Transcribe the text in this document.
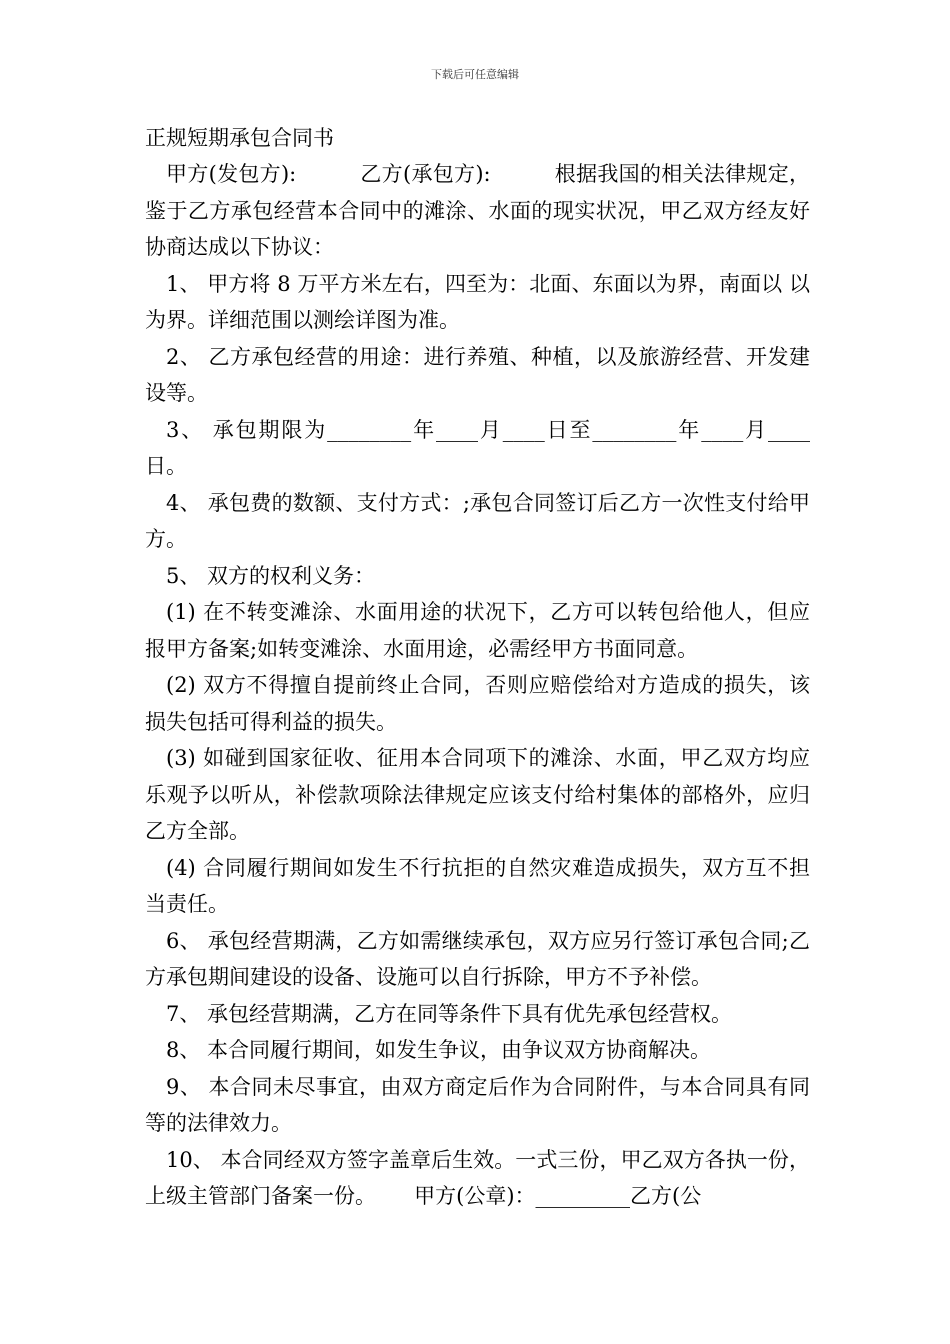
下载后可任意编辑

正规短期承包合同书

甲方(发包方):　　　乙方(承包方):　　　根据我国的相关法律规定，鉴于乙方承包经营本合同中的滩涂、水面的现实状况，甲乙双方经友好协商达成以下协议：

1、 甲方将 8 万平方米左右，四至为：北面、东面以为界，南面以 以 为界。详细范围以测绘详图为准。

2、 乙方承包经营的用途：进行养殖、种植，以及旅游经营、开发建设等。

3、 承包期限为________年____月____日至________年____月____日。

4、 承包费的数额、支付方式：;承包合同签订后乙方一次性支付给甲方。

5、 双方的权利义务：

(1) 在不转变滩涂、水面用途的状况下，乙方可以转包给他人，但应报甲方备案;如转变滩涂、水面用途，必需经甲方书面同意。

(2) 双方不得擅自提前终止合同，否则应赔偿给对方造成的损失，该损失包括可得利益的损失。

(3) 如碰到国家征收、征用本合同项下的滩涂、水面，甲乙双方均应乐观予以听从，补偿款项除法律规定应该支付给村集体的部格外，应归乙方全部。

(4) 合同履行期间如发生不行抗拒的自然灾难造成损失，双方互不担当责任。

6、 承包经营期满，乙方如需继续承包，双方应另行签订承包合同;乙方承包期间建设的设备、设施可以自行拆除，甲方不予补偿。

7、 承包经营期满，乙方在同等条件下具有优先承包经营权。

8、 本合同履行期间，如发生争议，由争议双方协商解决。

9、 本合同未尽事宜，由双方商定后作为合同附件，与本合同具有同等的法律效力。

10、 本合同经双方签字盖章后生效。一式三份，甲乙双方各执一份，上级主管部门备案一份。　　 甲方(公章)：_________乙方(公
